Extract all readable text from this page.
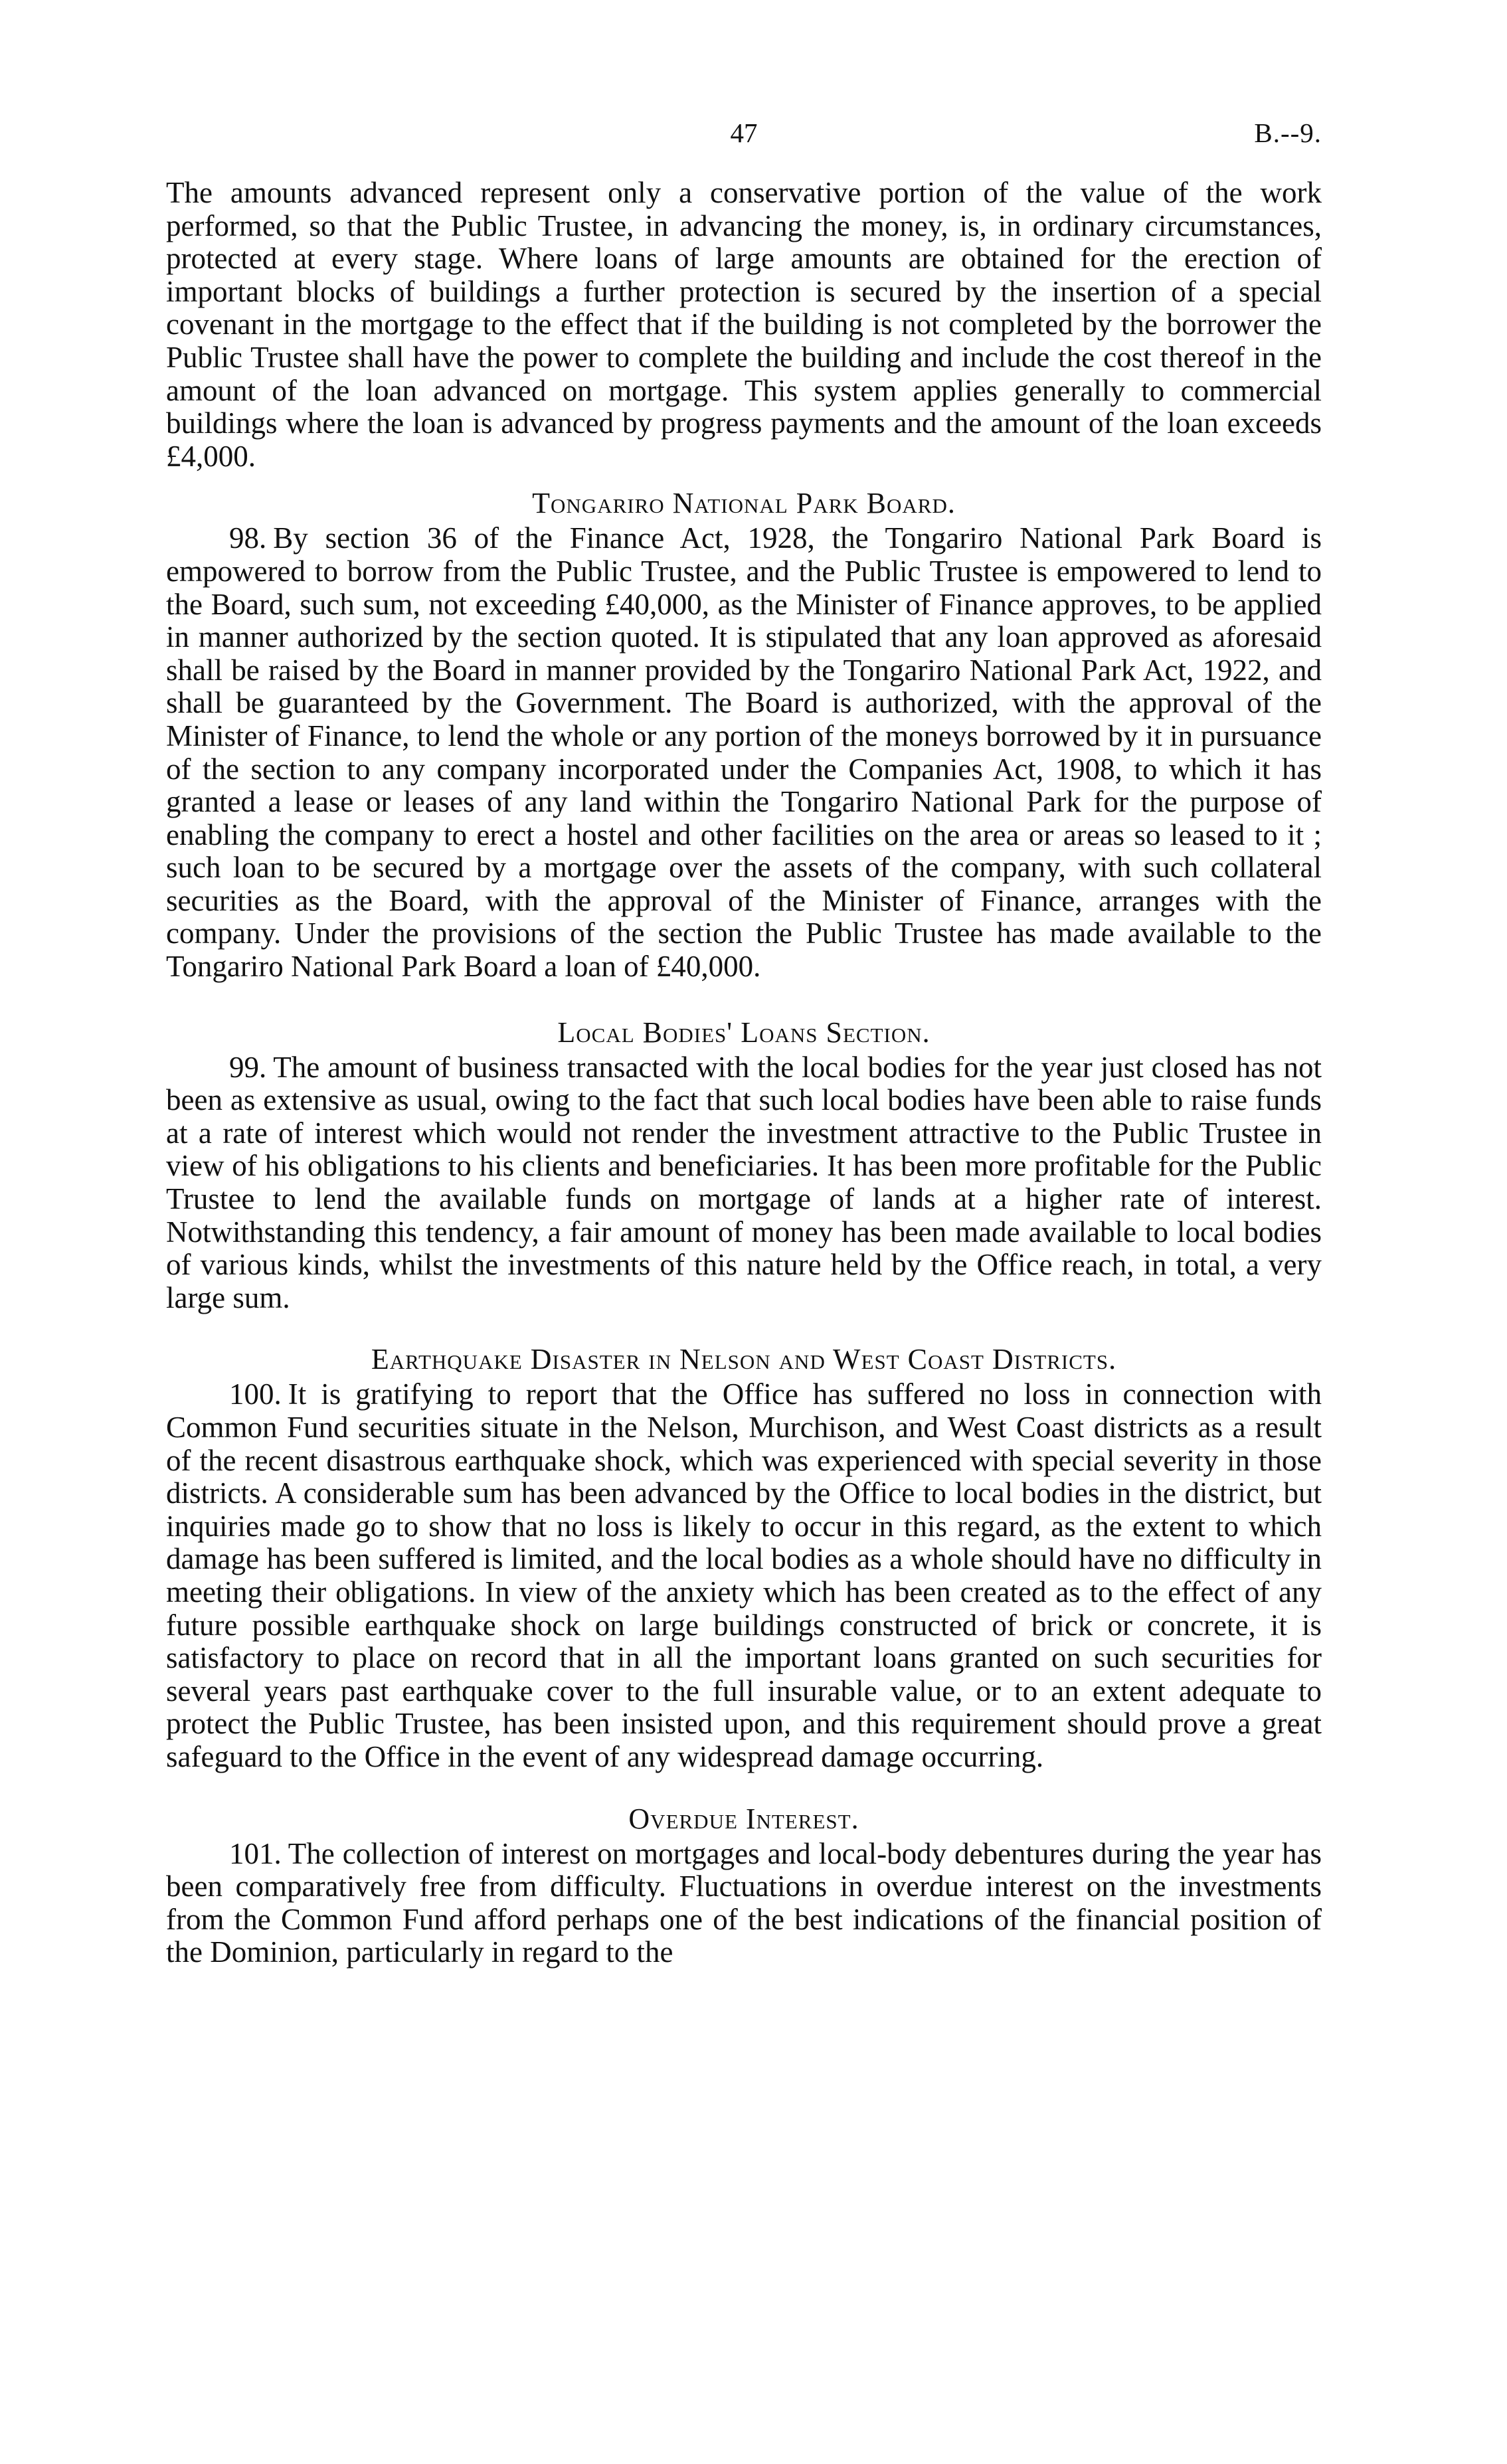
47	B.--9.

The amounts advanced represent only a conservative portion of the value of the work performed, so that the Public Trustee, in advancing the money, is, in ordinary circumstances, protected at every stage. Where loans of large amounts are obtained for the erection of important blocks of buildings a further protection is secured by the insertion of a special covenant in the mortgage to the effect that if the building is not completed by the borrower the Public Trustee shall have the power to complete the building and include the cost thereof in the amount of the loan advanced on mortgage. This system applies generally to commercial buildings where the loan is advanced by progress payments and the amount of the loan exceeds £4,000.

Tongariro National Park Board.

98. By section 36 of the Finance Act, 1928, the Tongariro National Park Board is empowered to borrow from the Public Trustee, and the Public Trustee is empowered to lend to the Board, such sum, not exceeding £40,000, as the Minister of Finance approves, to be applied in manner authorized by the section quoted. It is stipulated that any loan approved as aforesaid shall be raised by the Board in manner provided by the Tongariro National Park Act, 1922, and shall be guaranteed by the Government. The Board is authorized, with the approval of the Minister of Finance, to lend the whole or any portion of the moneys borrowed by it in pursuance of the section to any company incorporated under the Companies Act, 1908, to which it has granted a lease or leases of any land within the Tongariro National Park for the purpose of enabling the company to erect a hostel and other facilities on the area or areas so leased to it ; such loan to be secured by a mortgage over the assets of the company, with such collateral securities as the Board, with the approval of the Minister of Finance, arranges with the company. Under the provisions of the section the Public Trustee has made available to the Tongariro National Park Board a loan of £40,000.

Local Bodies' Loans Section.

99. The amount of business transacted with the local bodies for the year just closed has not been as extensive as usual, owing to the fact that such local bodies have been able to raise funds at a rate of interest which would not render the investment attractive to the Public Trustee in view of his obligations to his clients and beneficiaries. It has been more profitable for the Public Trustee to lend the available funds on mortgage of lands at a higher rate of interest. Notwithstanding this tendency, a fair amount of money has been made available to local bodies of various kinds, whilst the investments of this nature held by the Office reach, in total, a very large sum.

Earthquake Disaster in Nelson and West Coast Districts.

100. It is gratifying to report that the Office has suffered no loss in connection with Common Fund securities situate in the Nelson, Murchison, and West Coast districts as a result of the recent disastrous earthquake shock, which was experienced with special severity in those districts. A considerable sum has been advanced by the Office to local bodies in the district, but inquiries made go to show that no loss is likely to occur in this regard, as the extent to which damage has been suffered is limited, and the local bodies as a whole should have no difficulty in meeting their obligations. In view of the anxiety which has been created as to the effect of any future possible earthquake shock on large buildings constructed of brick or concrete, it is satisfactory to place on record that in all the important loans granted on such securities for several years past earthquake cover to the full insurable value, or to an extent adequate to protect the Public Trustee, has been insisted upon, and this requirement should prove a great safeguard to the Office in the event of any widespread damage occurring.

Overdue Interest.

101. The collection of interest on mortgages and local-body debentures during the year has been comparatively free from difficulty. Fluctuations in overdue interest on the investments from the Common Fund afford perhaps one of the best indications of the financial position of the Dominion, particularly in regard to the
